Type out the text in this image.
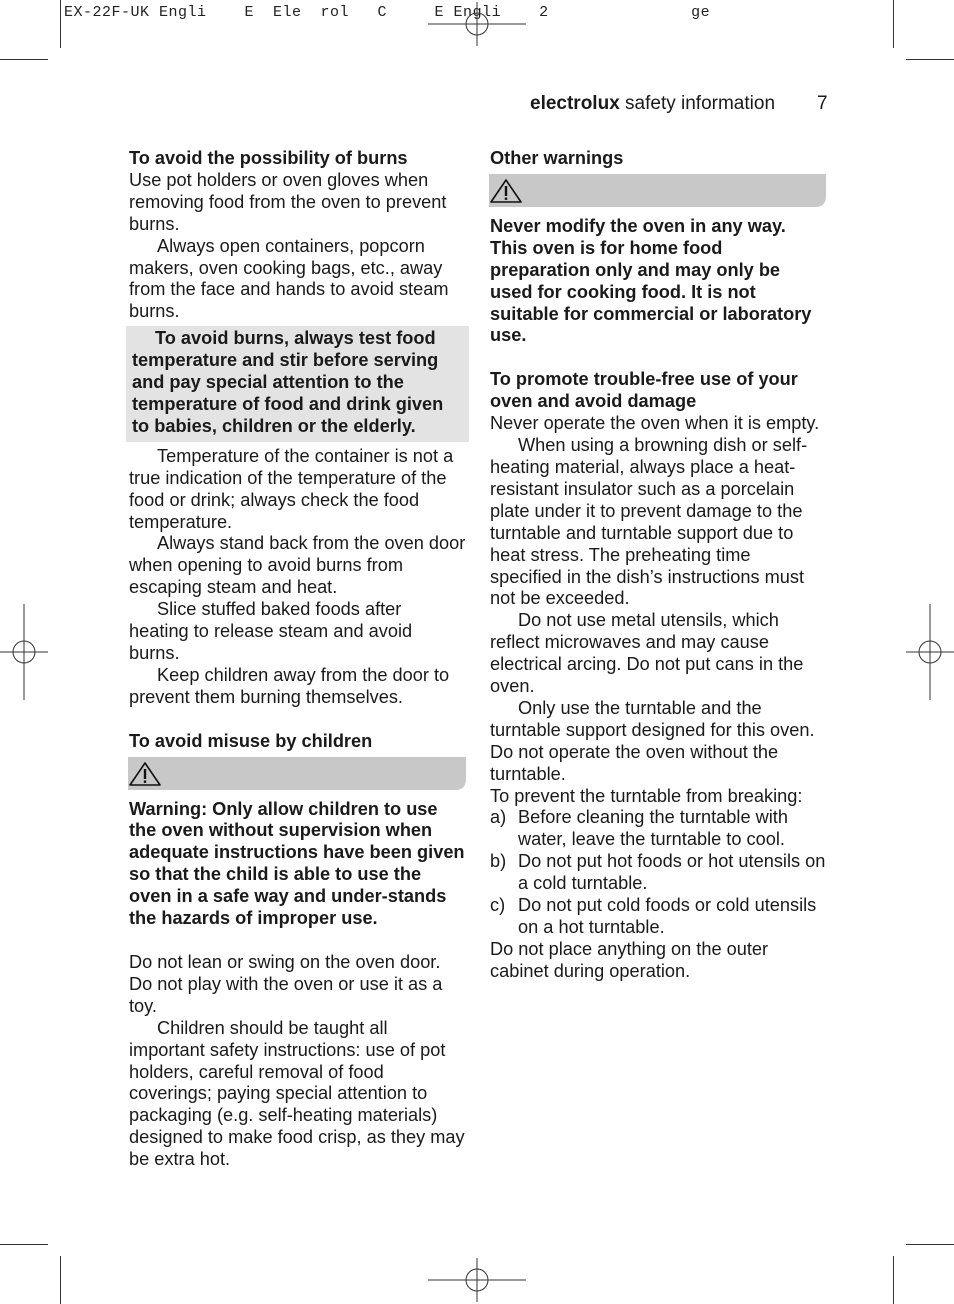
EX-22F-UK Engli    E  Ele  rol   C     E Engli    2               ge
electrolux safety information 7
To avoid the possibility of burns
Use pot holders or oven gloves when removing food from the oven to prevent burns.
Always open containers, popcorn makers, oven cooking bags, etc., away from the face and hands to avoid steam burns.
To avoid burns, always test food temperature and stir before serving and pay special attention to the temperature of food and drink given to babies, children or the elderly.
Temperature of the container is not a true indication of the temperature of the food or drink; always check the food temperature.
Always stand back from the oven door when opening to avoid burns from escaping steam and heat.
Slice stuffed baked foods after heating to release steam and avoid burns.
Keep children away from the door to prevent them burning themselves.
To avoid misuse by children
Warning: Only allow children to use the oven without supervision when adequate instructions have been given so that the child is able to use the oven in a safe way and under-stands the hazards of improper use.
Do not lean or swing on the oven door. Do not play with the oven or use it as a toy.
Children should be taught all important safety instructions: use of pot holders, careful removal of food coverings; paying special attention to packaging (e.g. self-heating materials) designed to make food crisp, as they may be extra hot.
Other warnings
Never modify the oven in any way. This oven is for home food preparation only and may only be used for cooking food. It is not suitable for commercial or laboratory use.
To promote trouble-free use of your oven and avoid damage
Never operate the oven when it is empty.
When using a browning dish or self-heating material, always place a heat-resistant insulator such as a porcelain plate under it to prevent damage to the turntable and turntable support due to heat stress. The preheating time specified in the dish’s instructions must not be exceeded.
Do not use metal utensils, which reflect microwaves and may cause electrical arcing. Do not put cans in the oven.
Only use the turntable and the turntable support designed for this oven. Do not operate the oven without the turntable.
To prevent the turntable from breaking:
a) Before cleaning the turntable with water, leave the turntable to cool.
b) Do not put hot foods or hot utensils on a cold turntable.
c) Do not put cold foods or cold utensils on a hot turntable.
Do not place anything on the outer cabinet during operation.
